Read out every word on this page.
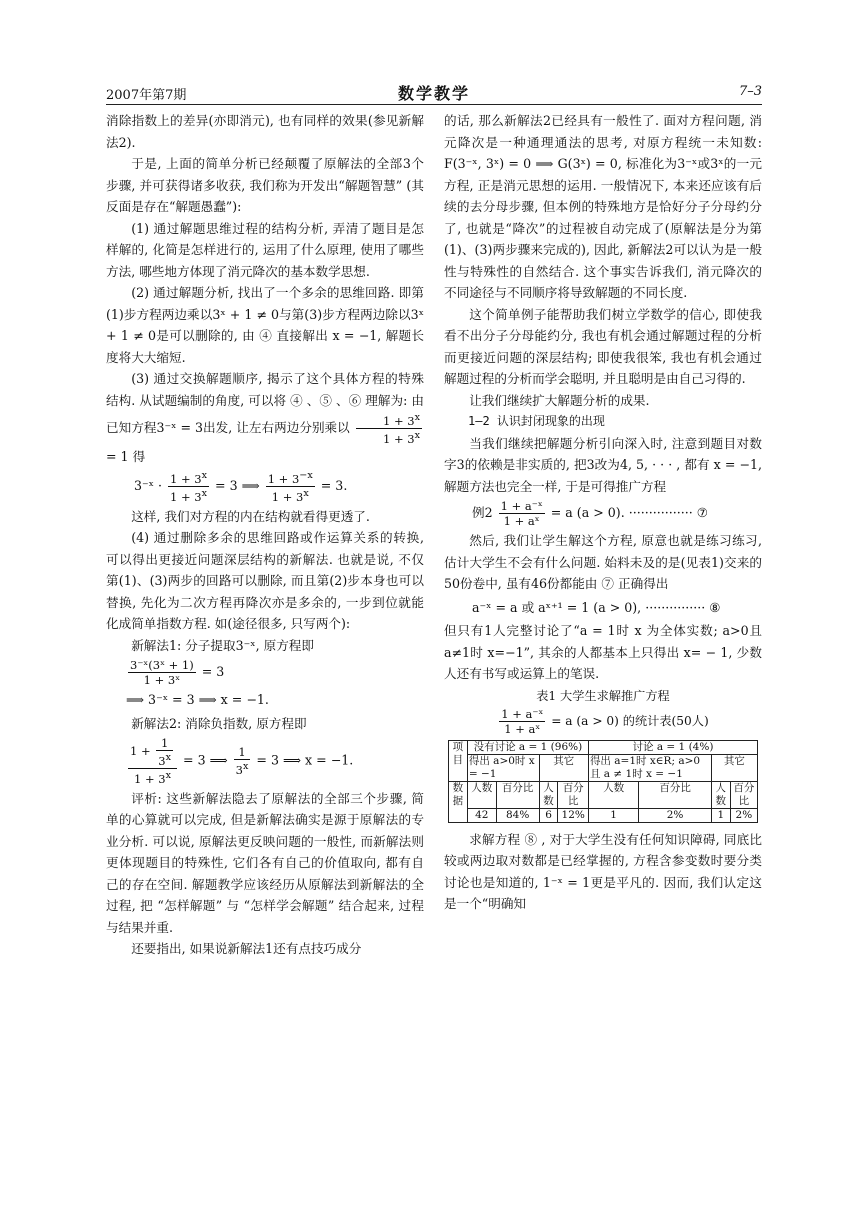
2007年第7期	数学教学	7–3

消除指数上的差异(亦即消元), 也有同样的效果(参见新解法2).

于是, 上面的简单分析已经颠覆了原解法的全部3个步骤, 并可获得诸多收获, 我们称为开发出“解题智慧” (其反面是存在“解题愚蠢”):

(1) 通过解题思维过程的结构分析, 弄清了题目是怎样解的, 化简是怎样进行的, 运用了什么原理, 使用了哪些方法, 哪些地方体现了消元降次的基本数学思想.

(2) 通过解题分析, 找出了一个多余的思维回路. 即第(1)步方程两边乘以3ˣ + 1 ≠ 0与第(3)步方程两边除以3ˣ + 1 ≠ 0是可以删除的, 由 ④ 直接解出 x = −1, 解题长度将大大缩短.

(3) 通过交换解题顺序, 揭示了这个具体方程的特殊结构. 从试题编制的角度, 可以将 ④ 、⑤ 、⑥ 理解为: 由已知方程3⁻ˣ = 3出发, 让左右两边分别乘以 $\frac{1 + 3^x}{1 + 3^x}$
= 1 得

3⁻ˣ · $\frac{1 + 3^x}{1 + 3^x} = 3$ ⟹ $\frac{1 + 3^{-x}}{1 + 3^x} = 3$.

这样, 我们对方程的内在结构就看得更透了.

(4) 通过删除多余的思维回路或作运算关系的转换, 可以得出更接近问题深层结构的新解法. 也就是说, 不仅第(1)、(3)两步的回路可以删除, 而且第(2)步本身也可以替换, 先化为二次方程再降次亦是多余的, 一步到位就能化成简单指数方程. 如(途径很多, 只写两个):

新解法1: 分子提取3⁻ˣ, 原方程即

$\frac{\text{3⁻ˣ(3ˣ + 1)}}{\text{1 + 3ˣ}} = 3$
⟹ 3⁻ˣ = 3 ⟹ x = −1.

新解法2: 消除负指数, 原方程即

$\frac{1 + \frac{1}{3^x}}{1 + 3^x} = 3$ ⟹ $\frac{1}{3^x} = 3$ ⟹ x = −1.

评析: 这些新解法隐去了原解法的全部三个步骤, 简单的心算就可以完成, 但是新解法确实是源于原解法的专业分析. 可以说, 原解法更反映问题的一般性, 而新解法则更体现题目的特殊性, 它们各有自己的价值取向, 都有自己的存在空间. 解题教学应该经历从原解法到新解法的全过程, 把 “怎样解题” 与 “怎样学会解题” 结合起来, 过程与结果并重.

还要指出, 如果说新解法1还有点技巧成分

的话, 那么新解法2已经具有一般性了. 面对方程问题, 消元降次是一种通理通法的思考, 对原方程统一未知数: F(3⁻ˣ, 3ˣ) = 0 ⟹ G(3ˣ) = 0, 标准化为3⁻ˣ或3ˣ的一元方程, 正是消元思想的运用. 一般情况下, 本来还应该有后续的去分母步骤, 但本例的特殊地方是恰好分子分母约分了, 也就是“降次”的过程被自动完成了(原解法是分为第(1)、(3)两步骤来完成的), 因此, 新解法2可以认为是一般性与特殊性的自然结合. 这个事实告诉我们, 消元降次的不同途径与不同顺序将导致解题的不同长度.

这个简单例子能帮助我们树立学数学的信心, 即使我看不出分子分母能约分, 我也有机会通过解题过程的分析而更接近问题的深层结构; 即使我很笨, 我也有机会通过解题过程的分析而学会聪明, 并且聪明是由自己习得的.

让我们继续扩大解题分析的成果.

1–2 认识封闭现象的出现

当我们继续把解题分析引向深入时, 注意到题目对数字3的依赖是非实质的, 把3改为4, 5, · · · , 都有 x = −1, 解题方法也完全一样, 于是可得推广方程

例$2 \frac{\text{1 + a⁻ˣ}}{\text{1 + aˣ}} = a$ (a > 0). ················ ⑦

然后, 我们让学生解这个方程, 原意也就是练习练习, 估计大学生不会有什么问题. 始料未及的是(见表1)交来的50份卷中, 虽有46份都能由 ⑦ 正确得出

a⁻ˣ = a 或 aˣ⁺¹ = 1 (a > 0), ··············· ⑧

但只有1人完整讨论了“a = 1时 x 为全体实数; a>0且a≠1时 x=−1”, 其余的人都基本上只得出 x= − 1, 少数人还有书写或运算上的笔误.

表1 大学生求解推广方程
$\frac{\text{1 + a⁻ˣ}}{\text{1 + aˣ}} = a$ (a > 0) 的统计表(50人)
项目	没有讨论 a = 1 (96%)				讨论 a = 1 (4%)			
	得出 a>0时 x = −1		其它		得出 a=1时 x∈R; a>0 且 a ≠ 1时 x = −1		其它	
数据	人数	百分比	人数	百分比	人数	百分比	人数	百分比
	42	84%	6	12%	1	2%	1	2%

求解方程 ⑧ , 对于大学生没有任何知识障碍, 同底比较或两边取对数都是已经掌握的, 方程含参变数时要分类讨论也是知道的, 1⁻ˣ = 1更是平凡的. 因而, 我们认定这是一个“明确知
